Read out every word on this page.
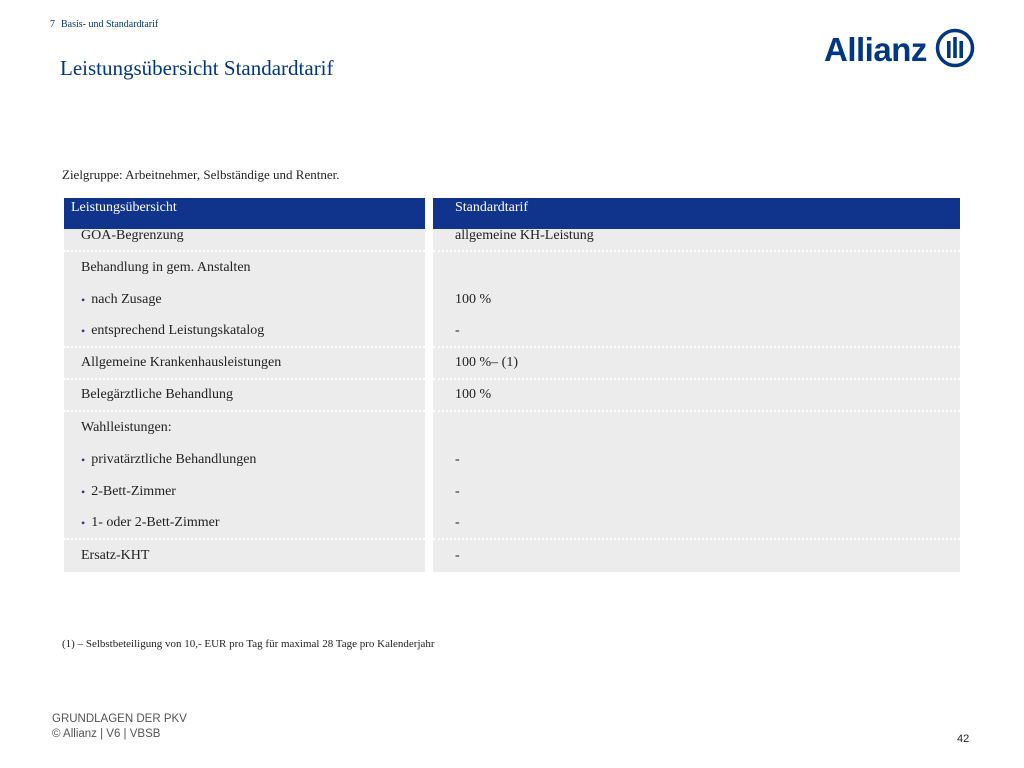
7 Basis- und Standardtarif
Leistungsübersicht Standardtarif	Allianz

Zielgruppe: Arbeitnehmer, Selbständige und Rentner.

Leistungsübersicht
GOÄ-Begrenzung
Behandlung in gem. Anstalten
• nach Zusage
• entsprechend Leistungskatalog
Allgemeine Krankenhausleistungen
Belegärztliche Behandlung
Wahlleistungen:
• privatärztliche Behandlungen
• 2-Bett-Zimmer
• 1- oder 2-Bett-Zimmer
Ersatz-KHT
Standardtarif
allgemeine KH-Leistung
100 %
-
100 %– (1)
100 %
-
-
-
-

(1) – Selbstbeteiligung von 10,- EUR pro Tag für maximal 28 Tage pro Kalenderjahr

GRUNDLAGEN DER PKV
© Allianz | V6 | VBSB	42
